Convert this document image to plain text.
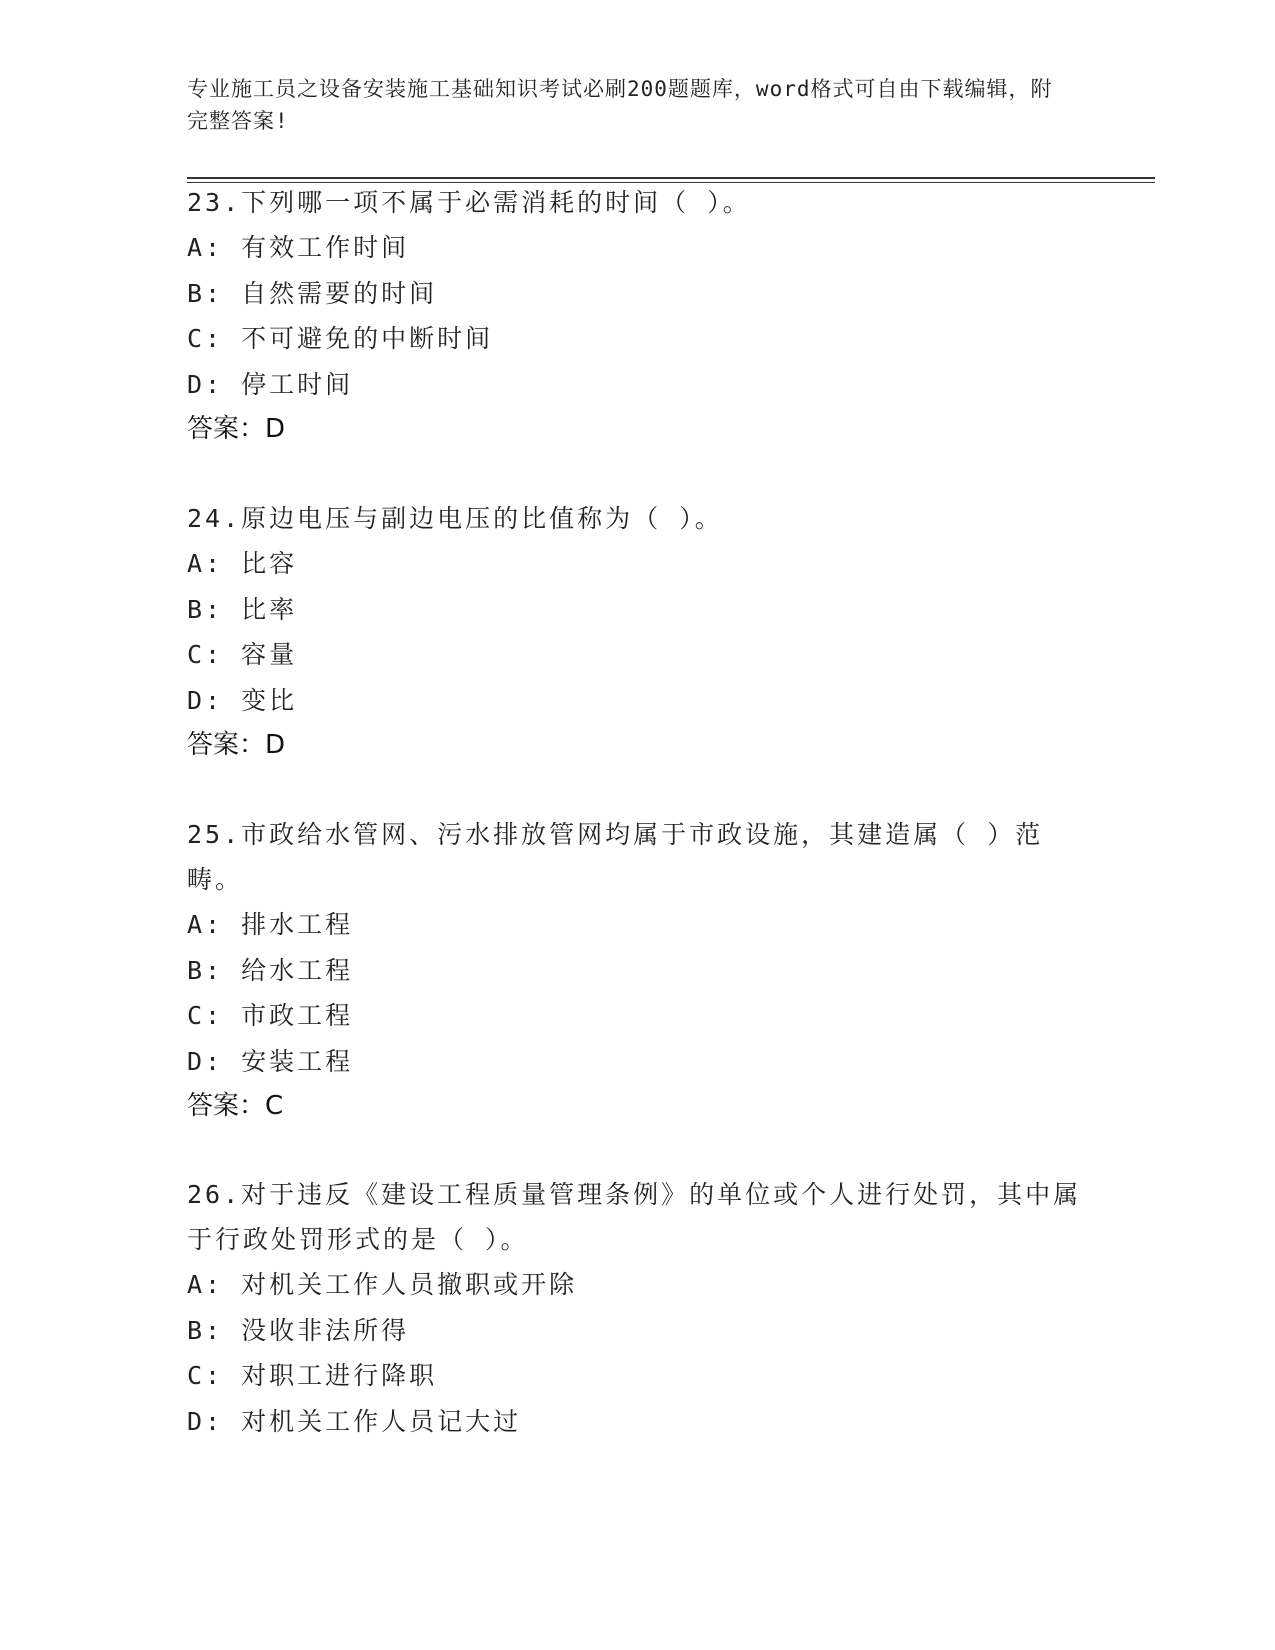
专业施工员之设备安装施工基础知识考试必刷200题题库，word格式可自由下载编辑，附完整答案!

23.下列哪一项不属于必需消耗的时间（ ）。

A: 有效工作时间

B: 自然需要的时间

C: 不可避免的中断时间

D: 停工时间

答案：D

24.原边电压与副边电压的比值称为（ ）。

A: 比容

B: 比率

C: 容量

D: 变比

答案：D

25.市政给水管网、污水排放管网均属于市政设施，其建造属（ ）范畴。

A: 排水工程

B: 给水工程

C: 市政工程

D: 安装工程

答案：C

26.对于违反《建设工程质量管理条例》的单位或个人进行处罚，其中属于行政处罚形式的是（ ）。

A: 对机关工作人员撤职或开除

B: 没收非法所得

C: 对职工进行降职

D: 对机关工作人员记大过
